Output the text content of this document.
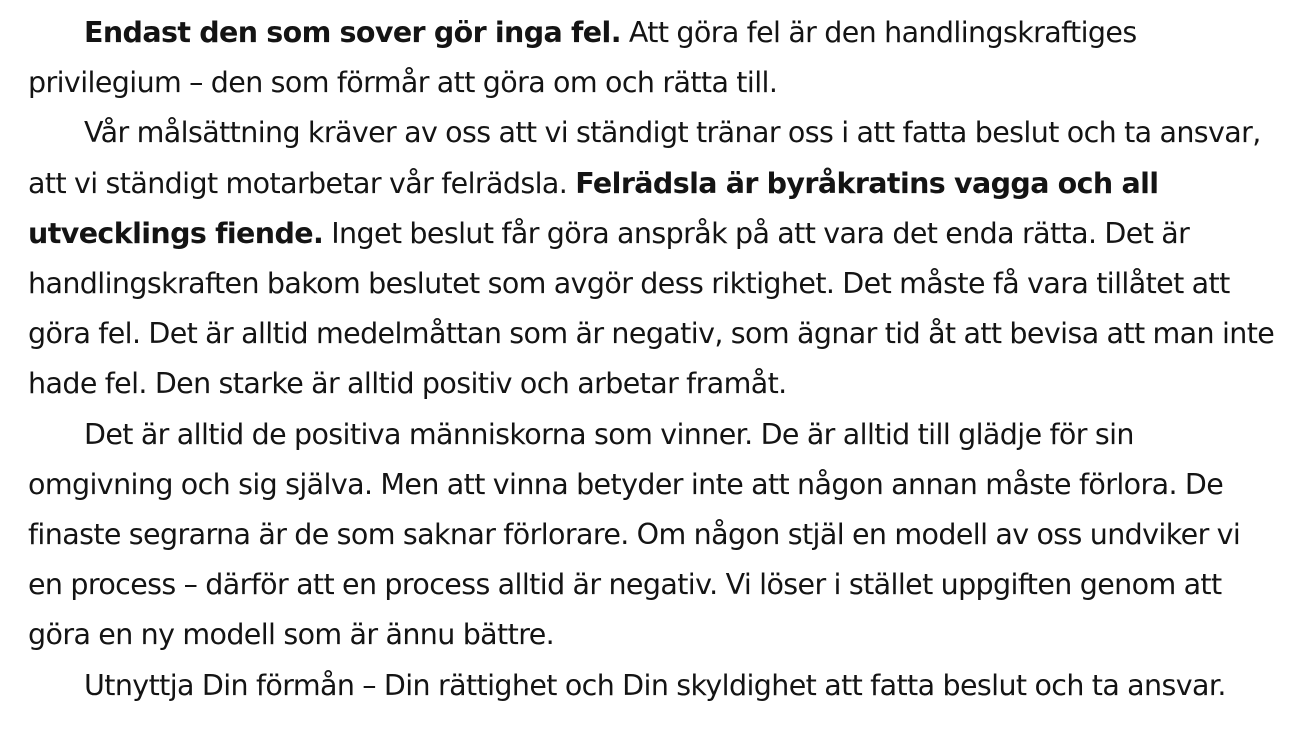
Endast den som sover gör inga fel. Att göra fel är den handlingskraftiges privilegium – den som förmår att göra om och rätta till.

Vår målsättning kräver av oss att vi ständigt tränar oss i att fatta beslut och ta ansvar, att vi ständigt motarbetar vår felrädsla. Felrädsla är byråkratins vagga och all utvecklings fiende. Inget beslut får göra anspråk på att vara det enda rätta. Det är handlingskraften bakom beslutet som avgör dess riktighet. Det måste få vara tillåtet att göra fel. Det är alltid medelmåttan som är negativ, som ägnar tid åt att bevisa att man inte hade fel. Den starke är alltid positiv och arbetar framåt.

Det är alltid de positiva människorna som vinner. De är alltid till glädje för sin omgivning och sig själva. Men att vinna betyder inte att någon annan måste förlora. De finaste segrarna är de som saknar förlorare. Om någon stjäl en modell av oss undviker vi en process – därför att en process alltid är negativ. Vi löser i stället uppgiften genom att göra en ny modell som är ännu bättre.

Utnyttja Din förmån – Din rättighet och Din skyldighet att fatta beslut och ta ansvar.
